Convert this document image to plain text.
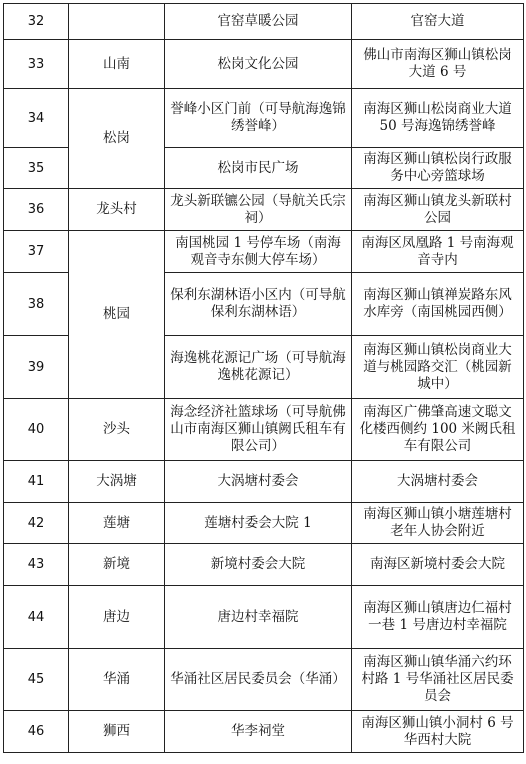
32		官窑草暖公园	官窑大道
33	山南	松岗文化公园	佛山市南海区狮山镇松岗大道 6 号
34	松岗	誉峰小区门前（可导航海逸锦绣誉峰）	南海区狮山松岗商业大道 50 号海逸锦绣誉峰
35		松岗市民广场	南海区狮山镇松岗行政服务中心旁篮球场
36	龙头村	龙头新联镳公园（导航关氏宗祠）	南海区狮山镇龙头新联村公园
37	桃园	南国桃园 1 号停车场（南海观音寺东侧大停车场）	南海区凤凰路 1 号南海观音寺内
38		保利东湖林语小区内（可导航保利东湖林语）	南海区狮山镇禅炭路东风水库旁（南国桃园西侧）
39		海逸桃花源记广场（可导航海逸桃花源记）	南海区狮山镇松岗商业大道与桃园路交汇（桃园新城中）
40	沙头	海念经济社篮球场（可导航佛山市南海区狮山镇阙氏租车有限公司）	南海区广佛肇高速文聪文化楼西侧约 100 米阙氏租车有限公司
41	大涡塘	大涡塘村委会	大涡塘村委会
42	莲塘	莲塘村委会大院 1	南海区狮山镇小塘莲塘村老年人协会附近
43	新境	新境村委会大院	南海区新境村委会大院
44	唐边	唐边村幸福院	南海区狮山镇唐边仁福村一巷 1 号唐边村幸福院
45	华涌	华涌社区居民委员会（华涌）	南海区狮山镇华涌六约环村路 1 号华涌社区居民委员会
46	狮西	华李祠堂	南海区狮山镇小洞村 6 号华西村大院
